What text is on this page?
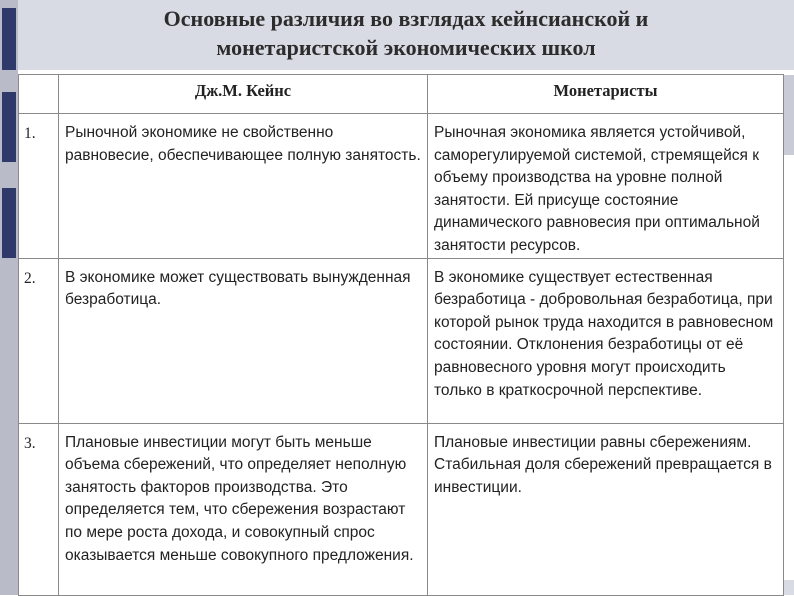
Основные различия во взглядах кейнсианской и
монетаристской экономических школ
	Дж.М. Кейнс	Монетаристы
1.	Рыночной экономике не свойственно равновесие, обеспечивающее полную занятость.	Рыночная экономика является устойчивой, саморегулируемой системой, стремящейся к объему производства на уровне полной занятости. Ей присуще состояние динамического равновесия при оптимальной занятости ресурсов.
2.	В экономике может существовать вынужденная безработица.	В экономике существует естественная безработица - добровольная безработица, при которой рынок труда находится в равновесном состоянии. Отклонения безработицы от её равновесного уровня могут происходить только в краткосрочной перспективе.
3.	Плановые инвестиции могут быть меньше объема сбережений, что определяет неполную занятость факторов производства. Это определяется тем, что сбережения возрастают по мере роста дохода, и совокупный спрос оказывается меньше совокупного предложения.	Плановые инвестиции равны сбережениям. Стабильная доля сбережений превращается в инвестиции.
